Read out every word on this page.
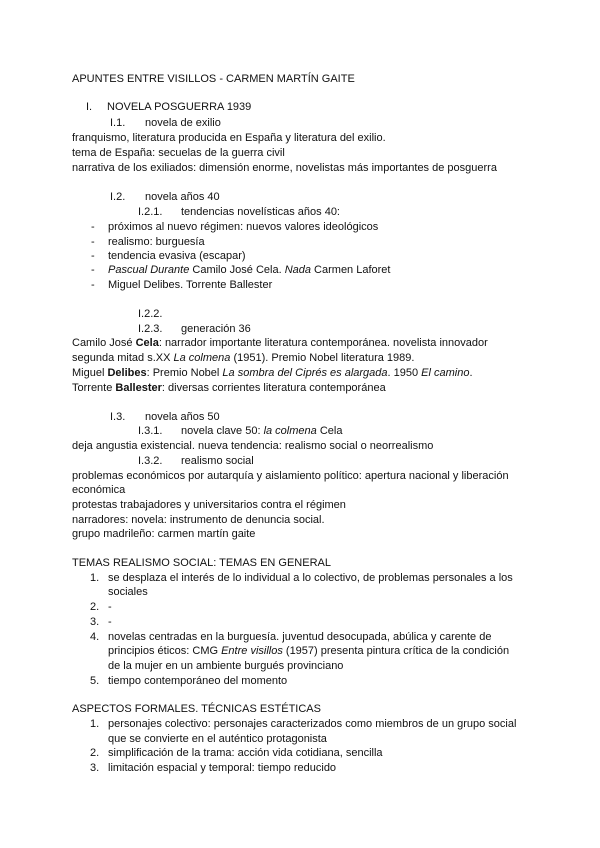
APUNTES ENTRE VISILLOS - CARMEN MARTÍN GAITE
I. NOVELA POSGUERRA 1939
I.1. novela de exilio
franquismo, literatura producida en España y literatura del exilio.
tema de España: secuelas de la guerra civil
narrativa de los exiliados: dimensión enorme, novelistas más importantes de posguerra
I.2. novela años 40
I.2.1. tendencias novelísticas años 40:
- próximos al nuevo régimen: nuevos valores ideológicos
- realismo: burguesía
- tendencia evasiva (escapar)
- Pascual Durante Camilo José Cela. Nada Carmen Laforet
- Miguel Delibes. Torrente Ballester
I.2.2.
I.2.3. generación 36
Camilo José Cela: narrador importante literatura contemporánea. novelista innovador
segunda mitad s.XX La colmena (1951). Premio Nobel literatura 1989.
Miguel Delibes: Premio Nobel La sombra del Ciprés es alargada. 1950 El camino.
Torrente Ballester: diversas corrientes literatura contemporánea
I.3. novela años 50
I.3.1. novela clave 50: la colmena Cela
deja angustia existencial. nueva tendencia: realismo social o neorrealismo
I.3.2. realismo social
problemas económicos por autarquía y aislamiento político: apertura nacional y liberación
económica
protestas trabajadores y universitarios contra el régimen
narradores: novela: instrumento de denuncia social.
grupo madrileño: carmen martín gaite
TEMAS REALISMO SOCIAL: TEMAS EN GENERAL
1. se desplaza el interés de lo individual a lo colectivo, de problemas personales a los
sociales
2. -
3. -
4. novelas centradas en la burguesía. juventud desocupada, abúlica y carente de
principios éticos: CMG Entre visillos (1957) presenta pintura crítica de la condición
de la mujer en un ambiente burgués provinciano
5. tiempo contemporáneo del momento
ASPECTOS FORMALES. TÉCNICAS ESTÉTICAS
1. personajes colectivo: personajes caracterizados como miembros de un grupo social
que se convierte en el auténtico protagonista
2. simplificación de la trama: acción vida cotidiana, sencilla
3. limitación espacial y temporal: tiempo reducido
